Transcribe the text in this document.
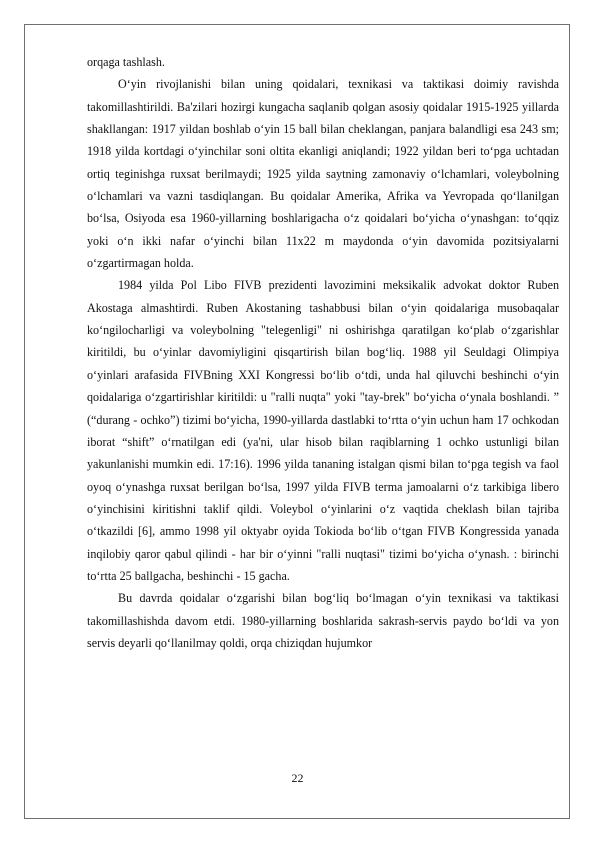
orqaga tashlash.

O‘yin rivojlanishi bilan uning qoidalari, texnikasi va taktikasi doimiy ravishda takomillashtirildi. Ba'zilari hozirgi kungacha saqlanib qolgan asosiy qoidalar 1915-1925 yillarda shakllangan: 1917 yildan boshlab o‘yin 15 ball bilan cheklangan, panjara balandligi esa 243 sm; 1918 yilda kortdagi o‘yinchilar soni oltita ekanligi aniqlandi; 1922 yildan beri to‘pga uchtadan ortiq teginishga ruxsat berilmaydi; 1925 yilda saytning zamonaviy o‘lchamlari, voleybolning o‘lchamlari va vazni tasdiqlangan. Bu qoidalar Amerika, Afrika va Yevropada qo‘llanilgan bo‘lsa, Osiyoda esa 1960-yillarning boshlarigacha o‘z qoidalari bo‘yicha o‘ynashgan: to‘qqiz yoki o‘n ikki nafar o‘yinchi bilan 11x22 m maydonda o‘yin davomida pozitsiyalarni o‘zgartirmagan holda.

1984 yilda Pol Libo FIVB prezidenti lavozimini meksikalik advokat doktor Ruben Akostaga almashtirdi. Ruben Akostaning tashabbusi bilan o‘yin qoidalariga musobaqalar ko‘ngilocharligi va voleybolning "telegenligi" ni oshirishga qaratilgan ko‘plab o‘zgarishlar kiritildi, bu o‘yinlar davomiyligini qisqartirish bilan bog‘liq. 1988 yil Seuldagi Olimpiya o‘yinlari arafasida FIVBning XXI Kongressi bo‘lib o‘tdi, unda hal qiluvchi beshinchi o‘yin qoidalariga o‘zgartirishlar kiritildi: u "ralli nuqta" yoki "tay-brek" bo‘yicha o‘ynala boshlandi. ” (“durang - ochko”) tizimi bo‘yicha, 1990-yillarda dastlabki to‘rtta o‘yin uchun ham 17 ochkodan iborat “shift” o‘rnatilgan edi (ya'ni, ular hisob bilan raqiblarning 1 ochko ustunligi bilan yakunlanishi mumkin edi. 17:16). 1996 yilda tananing istalgan qismi bilan to‘pga tegish va faol oyoq o‘ynashga ruxsat berilgan bo‘lsa, 1997 yilda FIVB terma jamoalarni o‘z tarkibiga libero o‘yinchisini kiritishni taklif qildi. Voleybol o‘yinlarini o‘z vaqtida cheklash bilan tajriba o‘tkazildi [6], ammo 1998 yil oktyabr oyida Tokioda bo‘lib o‘tgan FIVB Kongressida yanada inqilobiy qaror qabul qilindi - har bir o‘yinni "ralli nuqtasi" tizimi bo‘yicha o‘ynash. : birinchi to‘rtta 25 ballgacha, beshinchi - 15 gacha.

Bu davrda qoidalar o‘zgarishi bilan bog‘liq bo‘lmagan o‘yin texnikasi va taktikasi takomillashishda davom etdi. 1980-yillarning boshlarida sakrash-servis paydo bo‘ldi va yon servis deyarli qo‘llanilmay qoldi, orqa chiziqdan hujumkor

22
